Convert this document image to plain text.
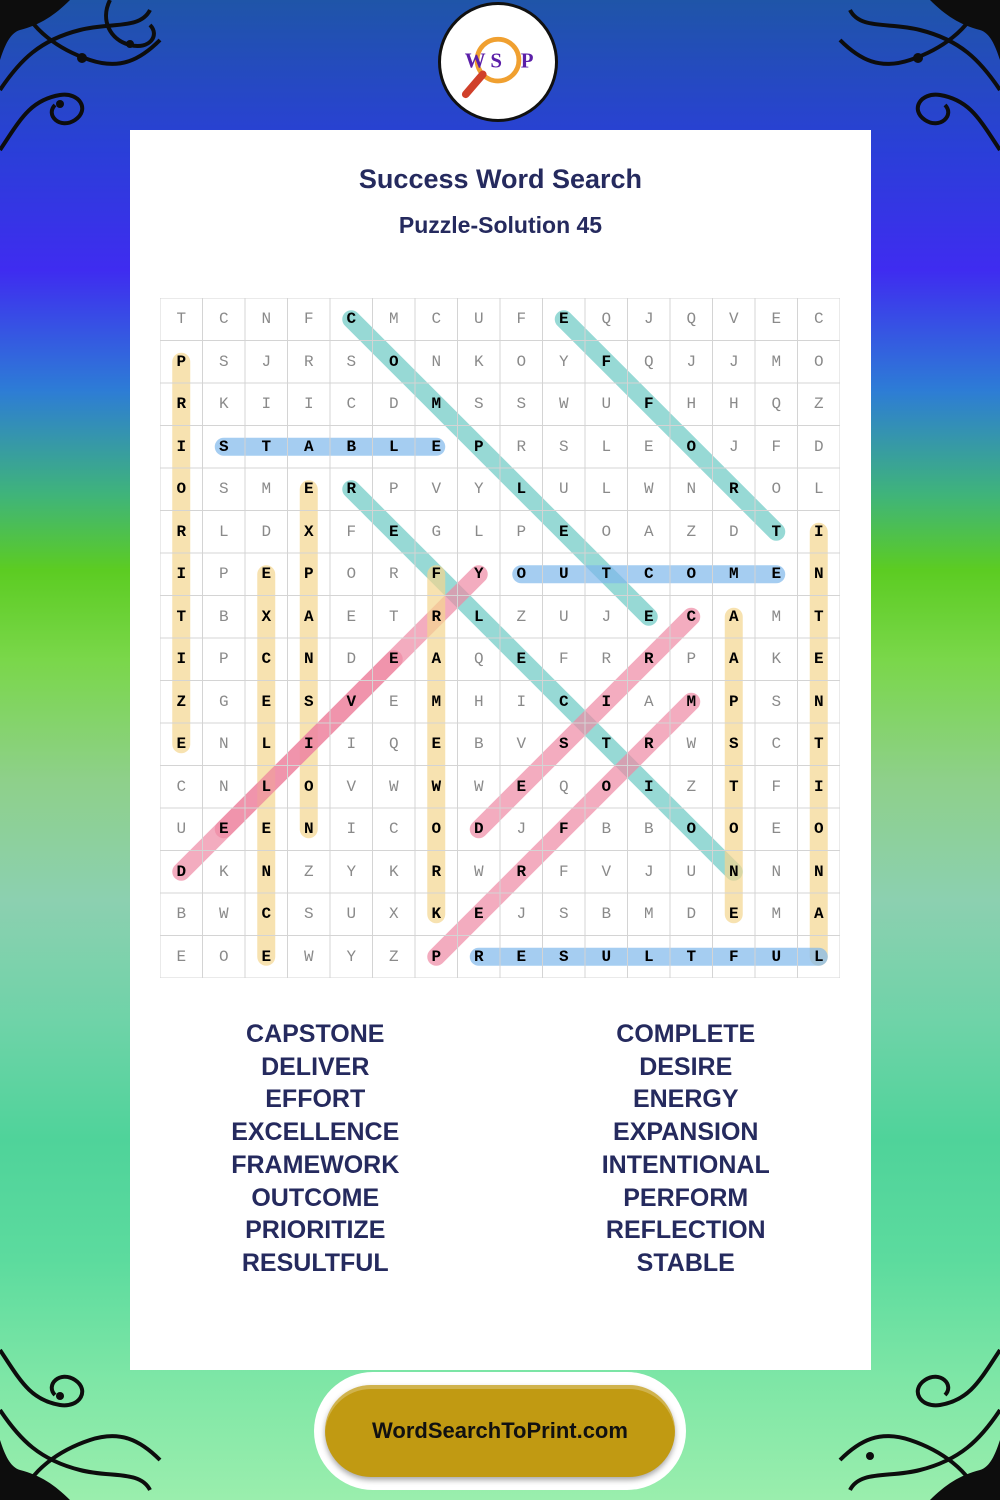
W S P
Success Word Search
Puzzle-Solution 45
T	C	N	F	C	M	C	U	F	E	Q	J	Q	V	E	C
P	S	J	R	S	O	N	K	O	Y	F	Q	J	J	M	O
R	K	I	I	C	D	M	S	S	W	U	F	H	H	Q	Z
I	S	T	A	B	L	E	P	R	S	L	E	O	J	F	D
O	S	M	E	R	P	V	Y	L	U	L	W	N	R	O	L
R	L	D	X	F	E	G	L	P	E	O	A	Z	D	T	I
I	P	E	P	O	R	F	Y	O	U	T	C	O	M	E	N
T	B	X	A	E	T	R	L	Z	U	J	E	C	A	M	T
I	P	C	N	D	E	A	Q	E	F	R	R	P	A	K	E
Z	G	E	S	V	E	M	H	I	C	I	A	M	P	S	N
E	N	L	I	I	Q	E	B	V	S	T	R	W	S	C	T
C	N	L	O	V	W	W	W	E	Q	O	I	Z	T	F	I
U	E	E	N	I	C	O	D	J	F	B	B	O	O	E	O
D	K	N	Z	Y	K	R	W	R	F	V	J	U	N	N	N
B	W	C	S	U	X	K	E	J	S	B	M	D	E	M	A
E	O	E	W	Y	Z	P	R	E	S	U	L	T	F	U	L
CAPSTONE
DELIVER
EFFORT
EXCELLENCE
FRAMEWORK
OUTCOME
PRIORITIZE
RESULTFUL
COMPLETE
DESIRE
ENERGY
EXPANSION
INTENTIONAL
PERFORM
REFLECTION
STABLE
WordSearchToPrint.com
